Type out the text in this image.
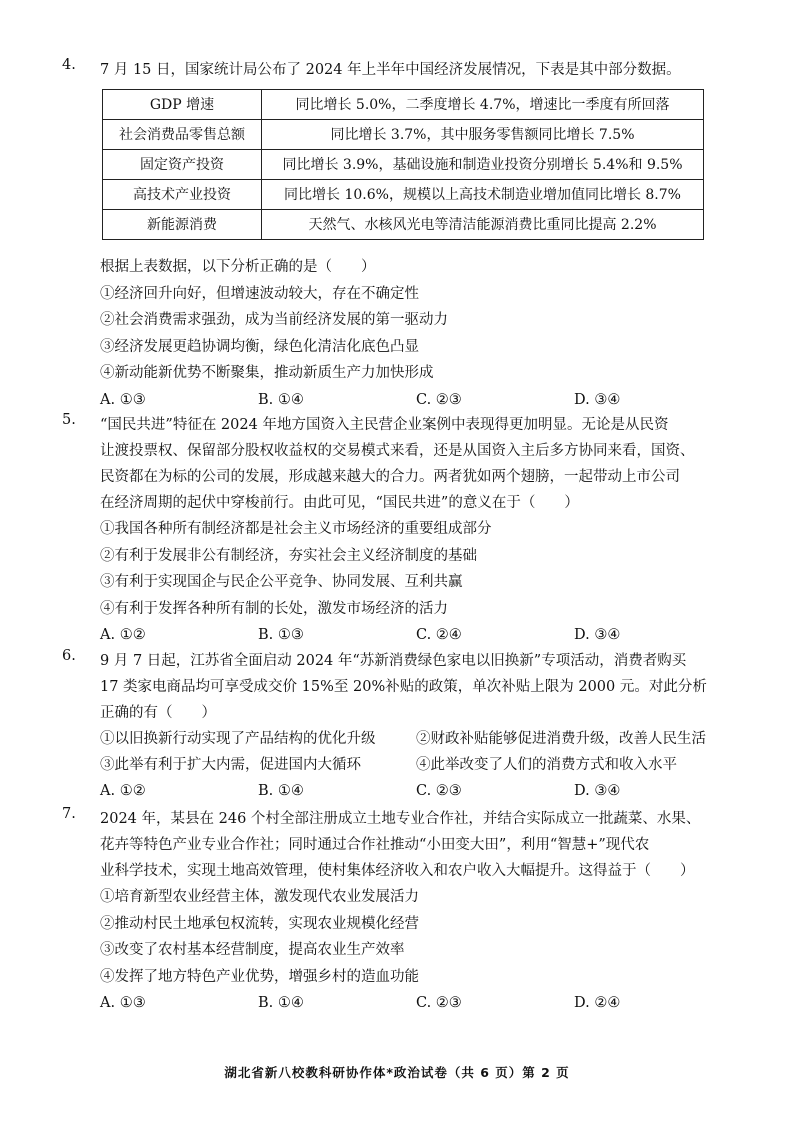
4.	7 月 15 日，国家统计局公布了 2024 年上半年中国经济发展情况，下表是其中部分数据。
GDP 增速	同比增长 5.0%，二季度增长 4.7%，增速比一季度有所回落
社会消费品零售总额	同比增长 3.7%，其中服务零售额同比增长 7.5%
固定资产投资	同比增长 3.9%，基础设施和制造业投资分别增长 5.4%和 9.5%
高技术产业投资	同比增长 10.6%，规模以上高技术制造业增加值同比增长 8.7%
新能源消费	天然气、水核风光电等清洁能源消费比重同比提高 2.2%
根据上表数据，以下分析正确的是（　　）
①经济回升向好，但增速波动较大，存在不确定性
②社会消费需求强劲，成为当前经济发展的第一驱动力
③经济发展更趋协调均衡，绿色化清洁化底色凸显
④新动能新优势不断聚集，推动新质生产力加快形成
A. ①③	B. ①④	C. ②③	D. ③④
5.	“国民共进”特征在 2024 年地方国资入主民营企业案例中表现得更加明显。无论是从民资
让渡投票权、保留部分股权收益权的交易模式来看，还是从国资入主后多方协同来看，国资、
民资都在为标的公司的发展，形成越来越大的合力。两者犹如两个翅膀，一起带动上市公司
在经济周期的起伏中穿梭前行。由此可见，“国民共进”的意义在于（　　）
①我国各种所有制经济都是社会主义市场经济的重要组成部分
②有利于发展非公有制经济，夯实社会主义经济制度的基础
③有利于实现国企与民企公平竞争、协同发展、互利共赢
④有利于发挥各种所有制的长处，激发市场经济的活力
A. ①②	B. ①③	C. ②④	D. ③④
6.	9 月 7 日起，江苏省全面启动 2024 年“苏新消费绿色家电以旧换新”专项活动，消费者购买
17 类家电商品均可享受成交价 15%至 20%补贴的政策，单次补贴上限为 2000 元。对此分析
正确的有（　　）
①以旧换新行动实现了产品结构的优化升级	②财政补贴能够促进消费升级，改善人民生活
③此举有利于扩大内需，促进国内大循环	④此举改变了人们的消费方式和收入水平
A. ①②	B. ①④	C. ②③	D. ③④
7.	2024 年，某县在 246 个村全部注册成立土地专业合作社，并结合实际成立一批蔬菜、水果、
花卉等特色产业专业合作社；同时通过合作社推动“小田变大田”，利用“智慧+”现代农
业科学技术，实现土地高效管理，使村集体经济收入和农户收入大幅提升。这得益于（　　）
①培育新型农业经营主体，激发现代农业发展活力
②推动村民土地承包权流转，实现农业规模化经营
③改变了农村基本经营制度，提高农业生产效率
④发挥了地方特色产业优势，增强乡村的造血功能
A. ①③	B. ①④	C. ②③	D. ②④
湖北省新八校教科研协作体*政治试卷（共 6 页）第 2 页
